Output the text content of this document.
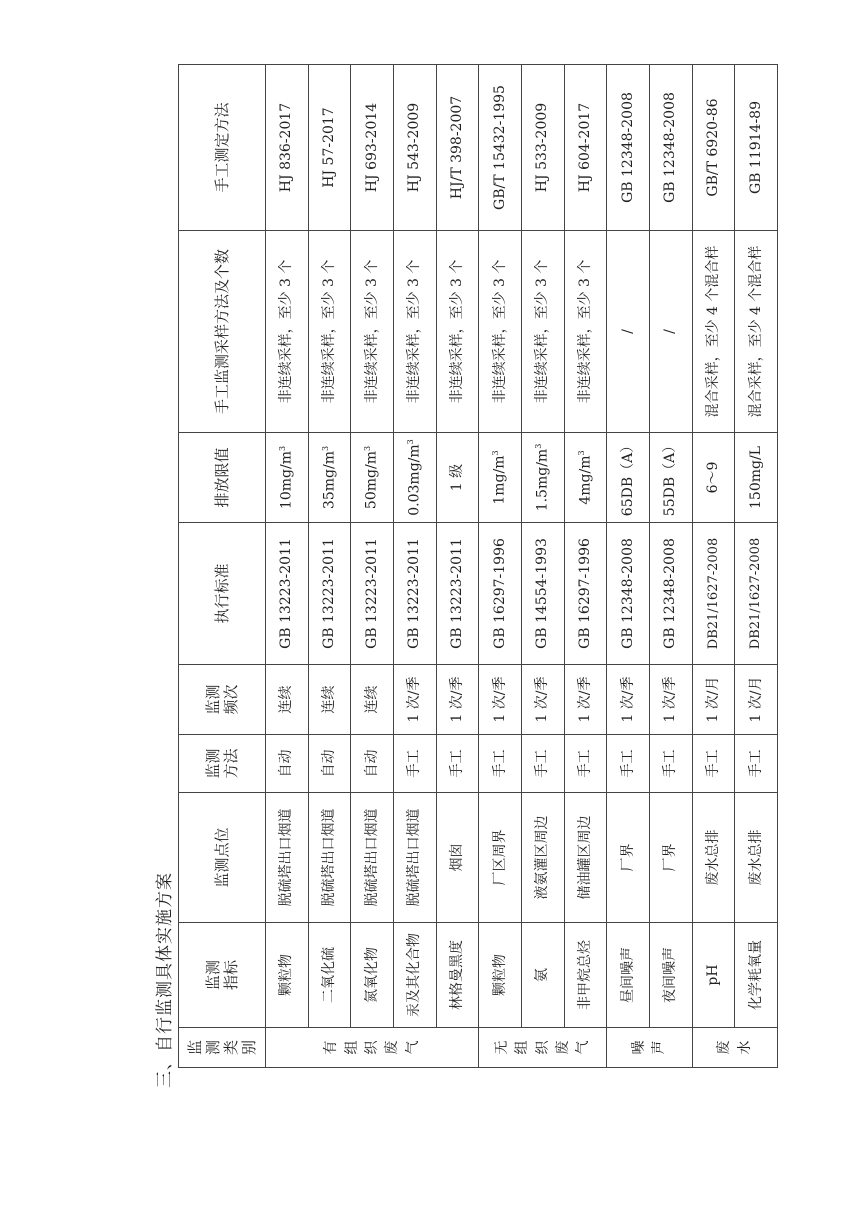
三、自行监测具体实施方案 监测类别	监测指标	监测点位	监测方法	监测频次	执行标准	排放限值	手工监测采样方法及个数	手工测定方法
有组织废气	颗粒物	脱硫塔出口烟道	自动	连续	GB 13223-2011	$10mg/m^3$	非连续采样，至少 3 个	HJ 836-2017
	二氧化硫	脱硫塔出口烟道	自动	连续	GB 13223-2011	$35mg/m^3$	非连续采样，至少 3 个	HJ 57-2017
	氮氧化物	脱硫塔出口烟道	自动	连续	GB 13223-2011	$50mg/m^3$	非连续采样，至少 3 个	HJ 693-2014
	汞及其化合物	脱硫塔出口烟道	手工	1 次/季	GB 13223-2011	$0.03mg/m^3$	非连续采样，至少 3 个	HJ 543-2009
	林格曼黑度	烟囱	手工	1 次/季	GB 13223-2011	1 级	非连续采样，至少 3 个	HJ/T 398-2007
无组织废气	颗粒物	厂区周界	手工	1 次/季	GB 16297-1996	$1mg/m^3$	非连续采样，至少 3 个	GB/T 15432-1995
	氨	液氨灌区周边	手工	1 次/季	GB 14554-1993	$1.5mg/m^3$	非连续采样，至少 3 个	HJ 533-2009
	非甲烷总烃	储油罐区周边	手工	1 次/季	GB 16297-1996	$4mg/m^3$	非连续采样，至少 3 个	HJ 604-2017
噪声	昼间噪声	厂界	手工	1 次/季	GB 12348-2008	65DB（A）	/	GB 12348-2008
	夜间噪声	厂界	手工	1 次/季	GB 12348-2008	55DB（A）	/	GB 12348-2008
废水	pH	废水总排	手工	1 次/月	DB21/1627-2008	6～9	混合采样，至少 4 个混合样	GB/T 6920-86
	化学耗氧量	废水总排	手工	1 次/月	DB21/1627-2008	150mg/L	混合采样，至少 4 个混合样	GB 11914-89
